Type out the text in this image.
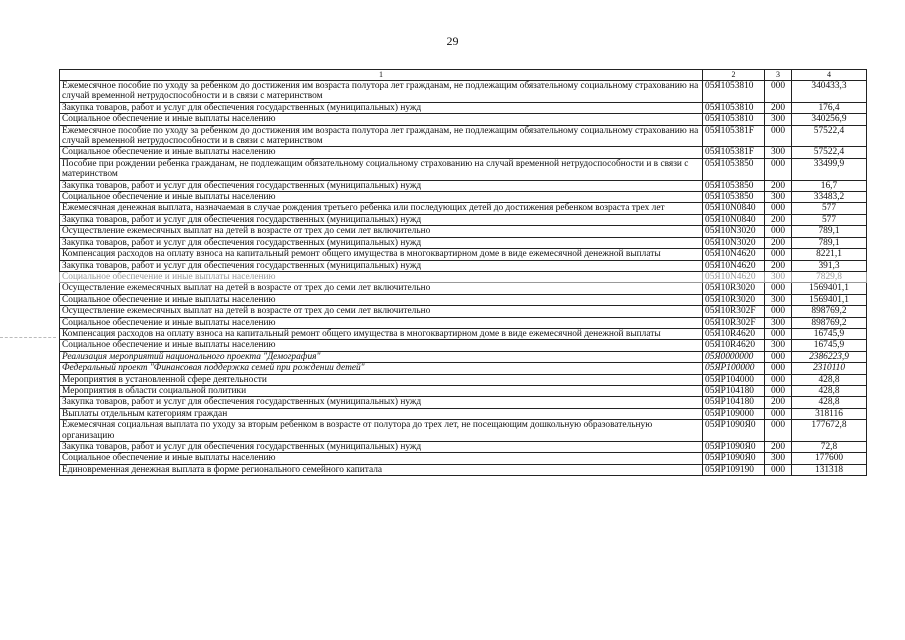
29
1	2	3	4
Ежемесячное пособие по уходу за ребенком до достижения им возраста полутора лет гражданам, не подлежащим обязательному социальному страхованию на случай временной нетрудоспособности и в связи с материнством	05Я1053810	000	340433,3
Закупка товаров, работ и услуг для обеспечения государственных (муниципальных) нужд	05Я1053810	200	176,4
Социальное обеспечение и иные выплаты населению	05Я1053810	300	340256,9
Ежемесячное пособие по уходу за ребенком до достижения им возраста полутора лет гражданам, не подлежащим обязательному социальному страхованию на случай временной нетрудоспособности и в связи с материнством	05Я105381F	000	57522,4
Социальное обеспечение и иные выплаты населению	05Я105381F	300	57522,4
Пособие при рождении ребенка гражданам, не подлежащим обязательному социальному страхованию на случай временной нетрудоспособности и в связи с материнством	05Я1053850	000	33499,9
Закупка товаров, работ и услуг для обеспечения государственных (муниципальных) нужд	05Я1053850	200	16,7
Социальное обеспечение и иные выплаты населению	05Я1053850	300	33483,2
Ежемесячная денежная выплата, назначаемая в случае рождения третьего ребенка или последующих детей до достижения ребенком возраста трех лет	05Я10N0840	000	577
Закупка товаров, работ и услуг для обеспечения государственных (муниципальных) нужд	05Я10N0840	200	577
Осуществление ежемесячных выплат на детей в возрасте от трех до семи лет включительно	05Я10N3020	000	789,1
Закупка товаров, работ и услуг для обеспечения государственных (муниципальных) нужд	05Я10N3020	200	789,1
Компенсация расходов на оплату взноса на капитальный ремонт общего имущества в многоквартирном доме в виде ежемесячной денежной выплаты	05Я10N4620	000	8221,1
Закупка товаров, работ и услуг для обеспечения государственных (муниципальных) нужд	05Я10N4620	200	391,3
Социальное обеспечение и иные выплаты населению	05Я10N4620	300	7829,8
Осуществление ежемесячных выплат на детей в возрасте от трех до семи лет включительно	05Я10R3020	000	1569401,1
Социальное обеспечение и иные выплаты населению	05Я10R3020	300	1569401,1
Осуществление ежемесячных выплат на детей в возрасте от трех до семи лет включительно	05Я10R302F	000	898769,2
Социальное обеспечение и иные выплаты населению	05Я10R302F	300	898769,2
Компенсация расходов на оплату взноса на капитальный ремонт общего имущества в многоквартирном доме в виде ежемесячной денежной выплаты	05Я10R4620	000	16745,9
Социальное обеспечение и иные выплаты населению	05Я10R4620	300	16745,9
Реализация мероприятий национального проекта "Демография"	05Я0000000	000	2386223,9
Федеральный проект "Финансовая поддержка семей при рождении детей"	05ЯР100000	000	2310110
Мероприятия в установленной сфере деятельности	05ЯР104000	000	428,8
Мероприятия в области социальной политики	05ЯР104180	000	428,8
Закупка товаров, работ и услуг для обеспечения государственных (муниципальных) нужд	05ЯР104180	200	428,8
Выплаты отдельным категориям граждан	05ЯР109000	000	318116
Ежемесячная социальная выплата по уходу за вторым ребенком в возрасте от полутора до трех лет, не посещающим дошкольную образовательную организацию	05ЯР1090Я0	000	177672,8
Закупка товаров, работ и услуг для обеспечения государственных (муниципальных) нужд	05ЯР1090Я0	200	72,8
Социальное обеспечение и иные выплаты населению	05ЯР1090Я0	300	177600
Единовременная денежная выплата в форме регионального семейного капитала	05ЯР109190	000	131318
